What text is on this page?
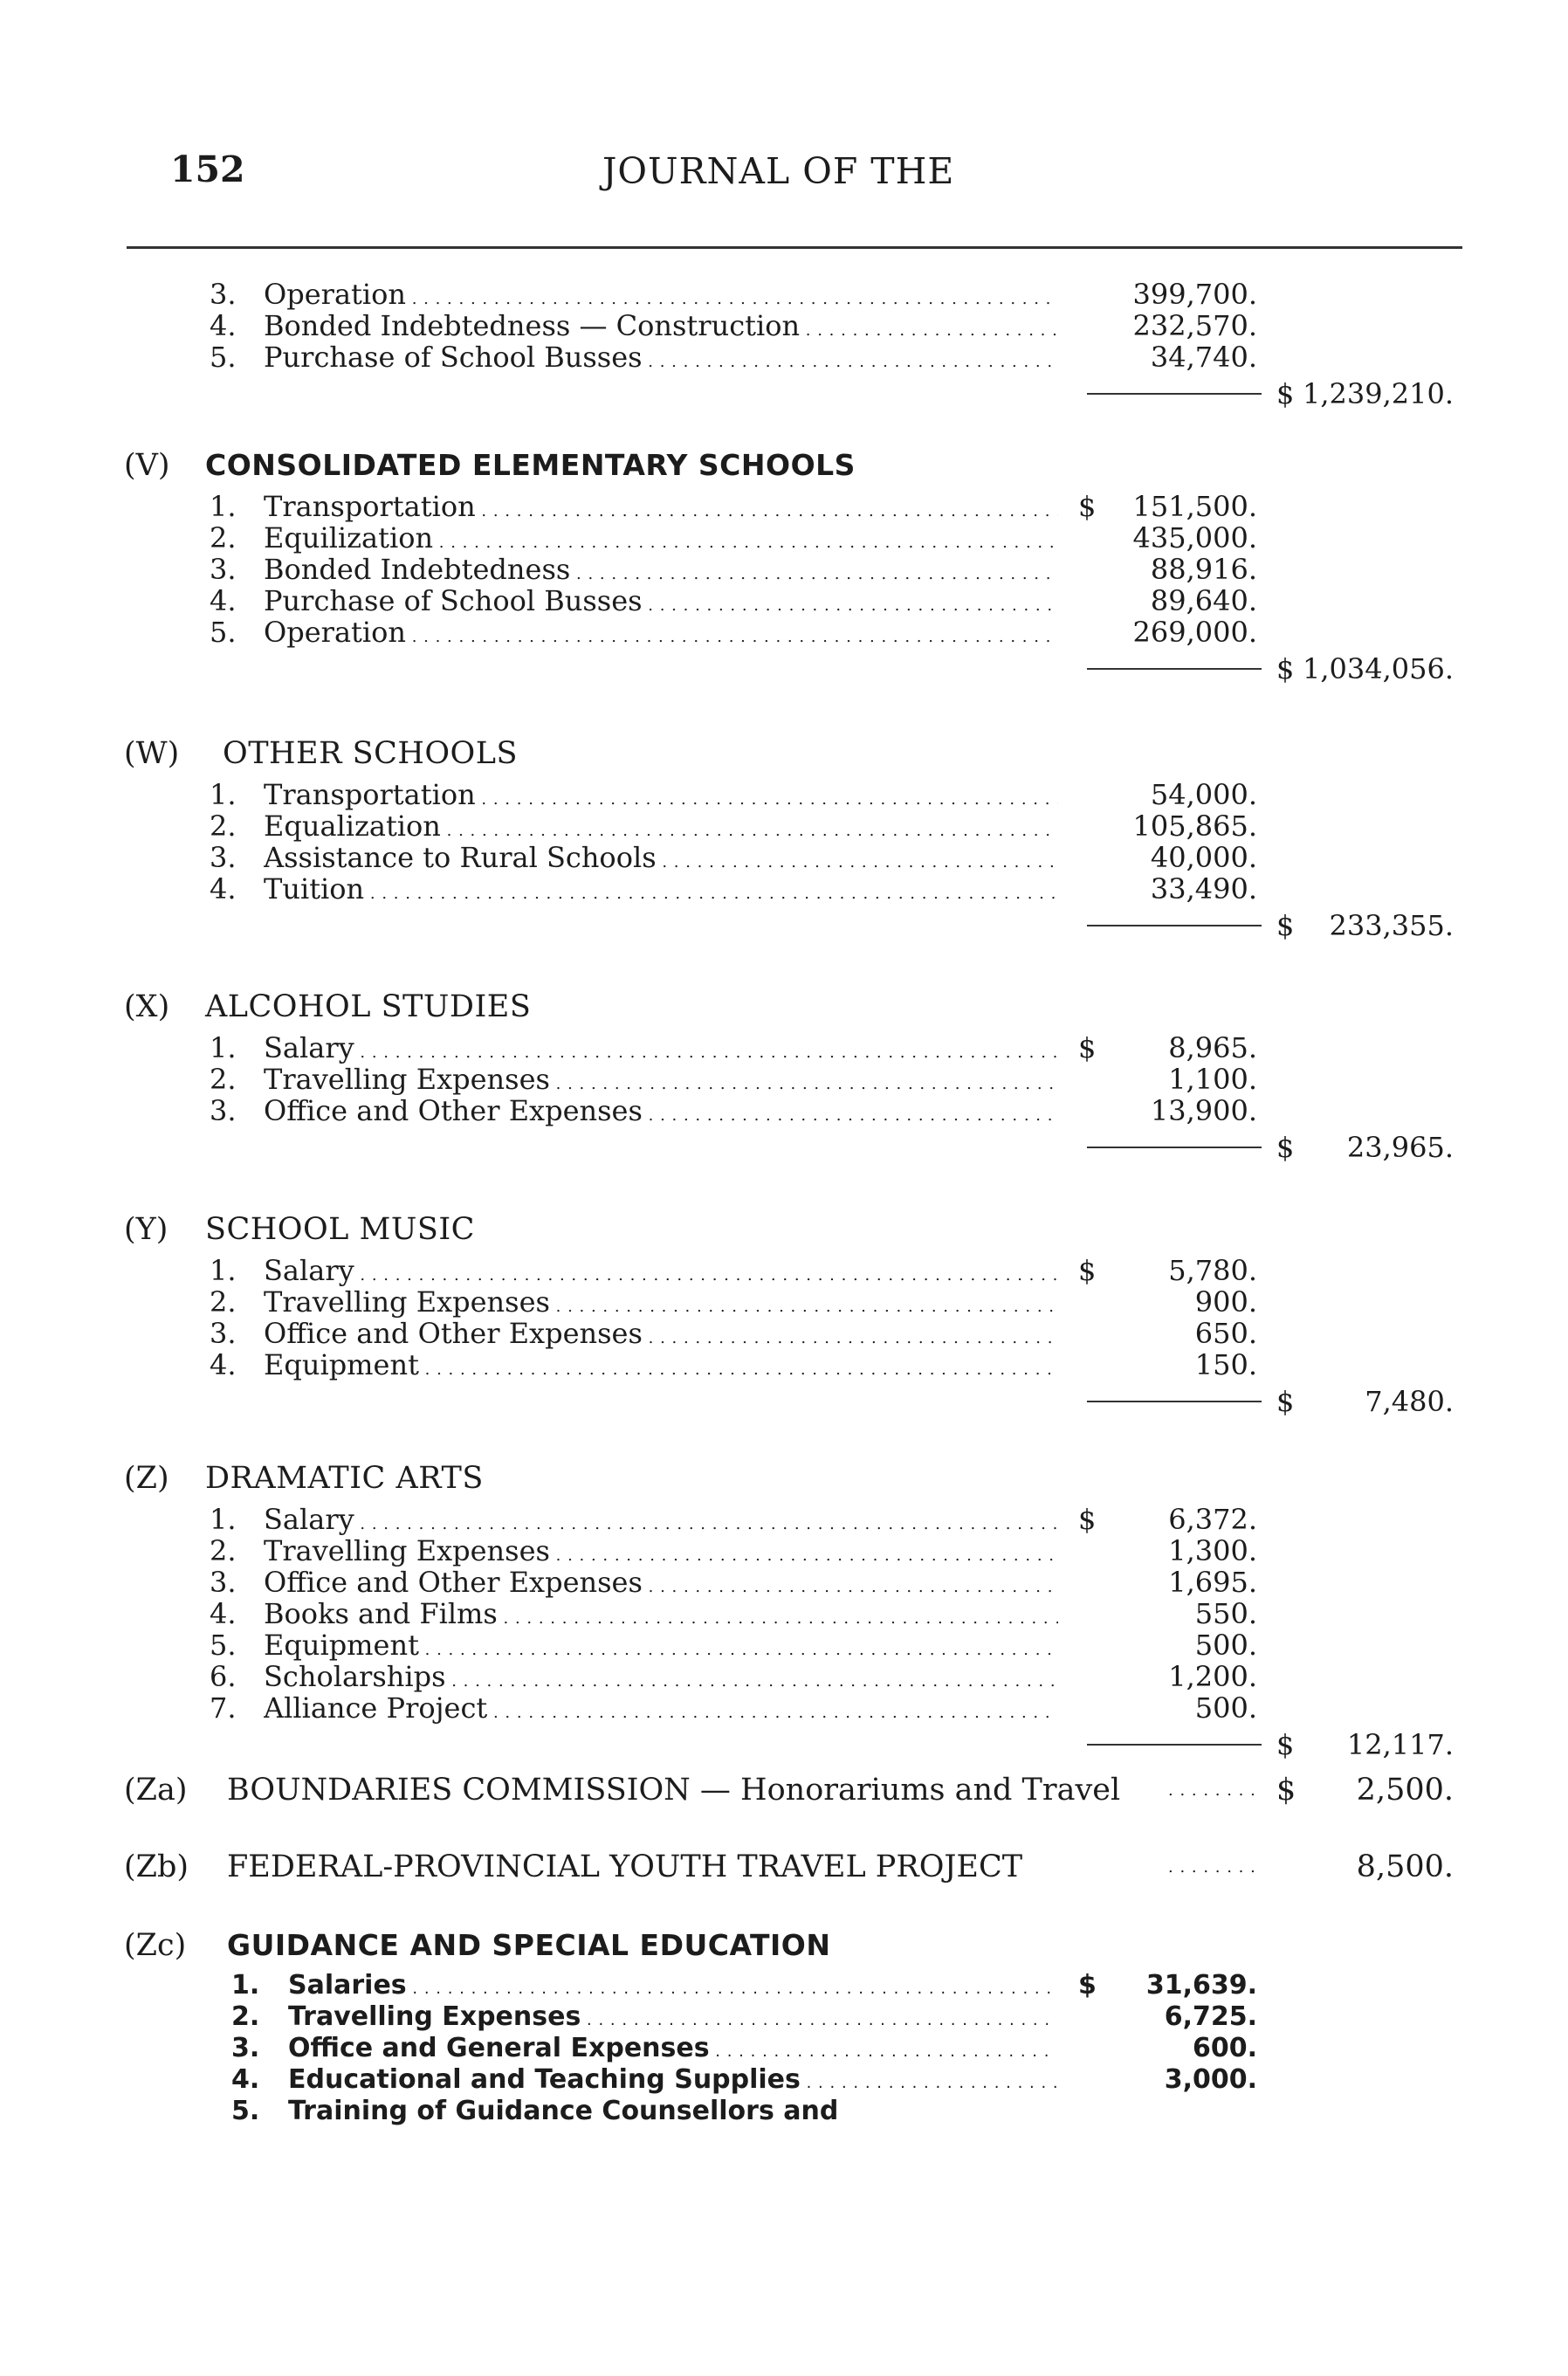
152	JOURNAL OF THE
3. Operation . . .	399,700.
4. Bonded Indebtedness — Construction . . .	232,570.
5. Purchase of School Busses . . .	34,740.
$ 1,239,210.
(V) CONSOLIDATED ELEMENTARY SCHOOLS
1. Transportation . . .	$	151,500.
2. Equilization . . .	435,000.
3. Bonded Indebtedness . . .	88,916.
4. Purchase of School Busses . . .	89,640.
5. Operation . . .	269,000.
$ 1,034,056.
(W) OTHER SCHOOLS
1. Transportation . . .	54,000.
2. Equalization . . .	105,865.
3. Assistance to Rural Schools . . .	40,000.
4. Tuition . . .	33,490.
$	233,355.
(X) ALCOHOL STUDIES
1. Salary . . .	$	8,965.
2. Travelling Expenses . . .	1,100.
3. Office and Other Expenses . . .	13,900.
$	23,965.
(Y) SCHOOL MUSIC
1. Salary . . .	$	5,780.
2. Travelling Expenses . . .	900.
3. Office and Other Expenses . . .	650.
4. Equipment . . .	150.
$	7,480.
(Z) DRAMATIC ARTS
1. Salary . . .	$	6,372.
2. Travelling Expenses . . .	1,300.
3. Office and Other Expenses . . .	1,695.
4. Books and Films . . .	550.
5. Equipment . . .	500.
6. Scholarships . . .	1,200.
7. Alliance Project . . .	500.
$	12,117.
(Za) BOUNDARIES COMMISSION — Honorariums and Travel	. . . . . . . . $	2,500.
(Zb) FEDERAL-PROVINCIAL YOUTH TRAVEL PROJECT	. . . . . . . .	8,500.
(Zc) GUIDANCE AND SPECIAL EDUCATION
1. Salaries . . .	$	31,639.
2. Travelling Expenses . . .	6,725.
3. Office and General Expenses . . .	600.
4. Educational and Teaching Supplies . . .	3,000.
5. Training of Guidance Counsellors and
